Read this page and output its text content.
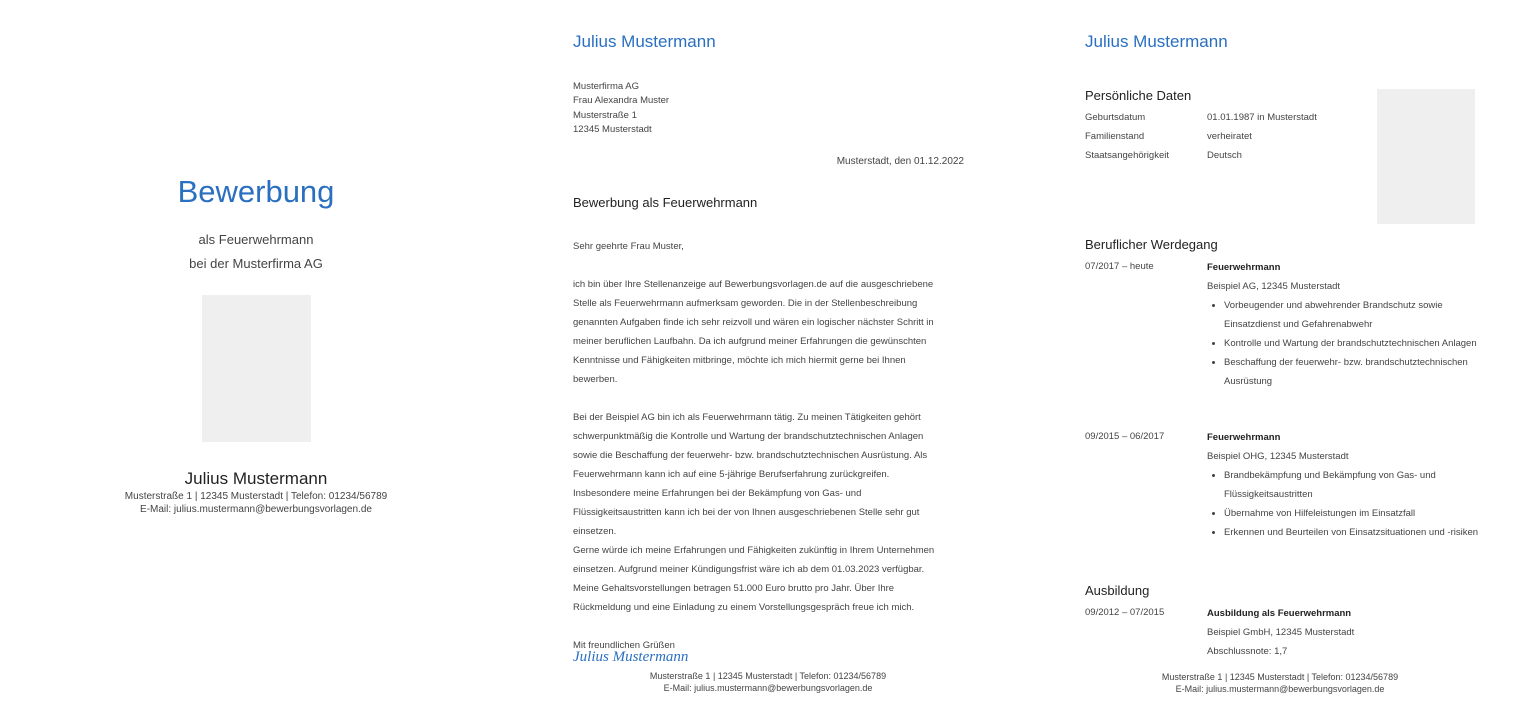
Bewerbung
als Feuerwehrmann
bei der Musterfirma AG
Julius Mustermann
Musterstraße 1 | 12345 Musterstadt | Telefon: 01234/56789
E-Mail: julius.mustermann@bewerbungsvorlagen.de
Julius Mustermann
Musterfirma AG
Frau Alexandra Muster
Musterstraße 1
12345 Musterstadt
Musterstadt, den 01.12.2022
Bewerbung als Feuerwehrmann
Sehr geehrte Frau Muster,
ich bin über Ihre Stellenanzeige auf Bewerbungsvorlagen.de auf die ausgeschriebene
Stelle als Feuerwehrmann aufmerksam geworden. Die in der Stellenbeschreibung
genannten Aufgaben finde ich sehr reizvoll und wären ein logischer nächster Schritt in
meiner beruflichen Laufbahn. Da ich aufgrund meiner Erfahrungen die gewünschten
Kenntnisse und Fähigkeiten mitbringe, möchte ich mich hiermit gerne bei Ihnen
bewerben.
Bei der Beispiel AG bin ich als Feuerwehrmann tätig. Zu meinen Tätigkeiten gehört
schwerpunktmäßig die Kontrolle und Wartung der brandschutztechnischen Anlagen
sowie die Beschaffung der feuerwehr- bzw. brandschutztechnischen Ausrüstung. Als
Feuerwehrmann kann ich auf eine 5-jährige Berufserfahrung zurückgreifen.
Insbesondere meine Erfahrungen bei der Bekämpfung von Gas- und
Flüssigkeitsaustritten kann ich bei der von Ihnen ausgeschriebenen Stelle sehr gut
einsetzen.
Gerne würde ich meine Erfahrungen und Fähigkeiten zukünftig in Ihrem Unternehmen
einsetzen. Aufgrund meiner Kündigungsfrist wäre ich ab dem 01.03.2023 verfügbar.
Meine Gehaltsvorstellungen betragen 51.000 Euro brutto pro Jahr. Über Ihre
Rückmeldung und eine Einladung zu einem Vorstellungsgespräch freue ich mich.
Mit freundlichen Grüßen
Julius Mustermann
Musterstraße 1 | 12345 Musterstadt | Telefon: 01234/56789
E-Mail: julius.mustermann@bewerbungsvorlagen.de
Julius Mustermann
Persönliche Daten
Geburtsdatum	01.01.1987 in Musterstadt
Familienstand	verheiratet
Staatsangehörigkeit	Deutsch
Beruflicher Werdegang
07/2017 – heute	Feuerwehrmann
Beispiel AG, 12345 Musterstadt
• Vorbeugender und abwehrender Brandschutz sowie Einsatzdienst und Gefahrenabwehr
• Kontrolle und Wartung der brandschutztechnischen Anlagen
• Beschaffung der feuerwehr- bzw. brandschutztechnischen Ausrüstung
09/2015 – 06/2017	Feuerwehrmann
Beispiel OHG, 12345 Musterstadt
• Brandbekämpfung und Bekämpfung von Gas- und Flüssigkeitsaustritten
• Übernahme von Hilfeleistungen im Einsatzfall
• Erkennen und Beurteilen von Einsatzsituationen und -risiken
Ausbildung
09/2012 – 07/2015	Ausbildung als Feuerwehrmann
Beispiel GmbH, 12345 Musterstadt
Abschlussnote: 1,7
Musterstraße 1 | 12345 Musterstadt | Telefon: 01234/56789
E-Mail: julius.mustermann@bewerbungsvorlagen.de
